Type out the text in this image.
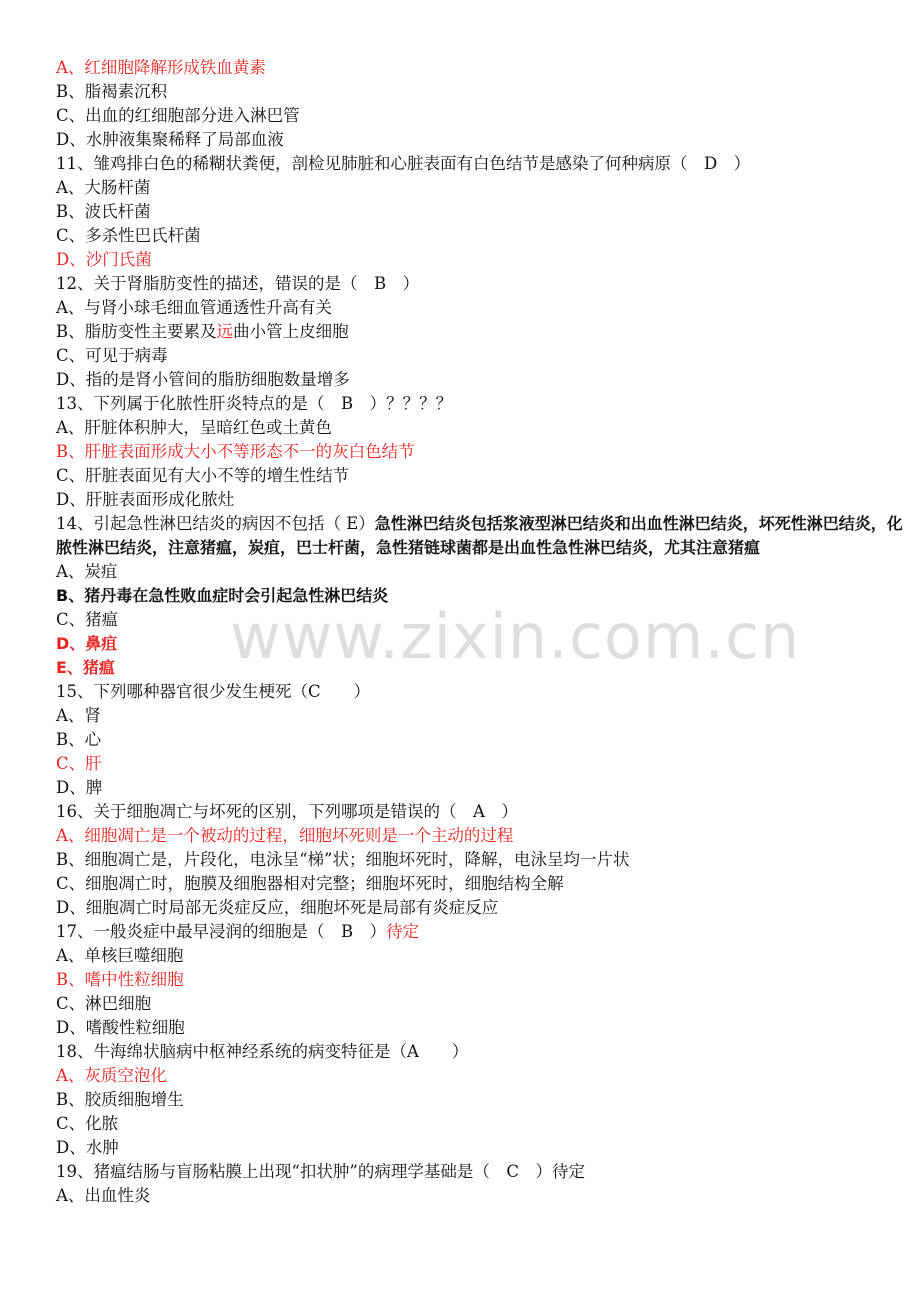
A、红细胞降解形成铁血黄素
B、脂褐素沉积
C、出血的红细胞部分进入淋巴管
D、水肿液集聚稀释了局部血液
11、雏鸡排白色的稀糊状粪便，剖检见肺脏和心脏表面有白色结节是感染了何种病原（　D　）
A、大肠杆菌
B、波氏杆菌
C、多杀性巴氏杆菌
D、沙门氏菌
12、关于肾脂肪变性的描述，错误的是（　B　）
A、与肾小球毛细血管通透性升高有关
B、脂肪变性主要累及远曲小管上皮细胞
C、可见于病毒
D、指的是肾小管间的脂肪细胞数量增多
13、下列属于化脓性肝炎特点的是（　B　）？？？？
A、肝脏体积肿大，呈暗红色或土黄色
B、肝脏表面形成大小不等形态不一的灰白色结节
C、肝脏表面见有大小不等的增生性结节
D、肝脏表面形成化脓灶
14、引起急性淋巴结炎的病因不包括（ E）急性淋巴结炎包括浆液型淋巴结炎和出血性淋巴结炎，坏死性淋巴结炎，化脓性淋巴结炎，注意猪瘟，炭疽，巴士杆菌，急性猪链球菌都是出血性急性淋巴结炎，尤其注意猪瘟
A、炭疽
B、猪丹毒在急性败血症时会引起急性淋巴结炎
C、猪瘟
D、鼻疽
E、猪瘟
15、下列哪种器官很少发生梗死（C　　）
A、肾
B、心
C、肝
D、脾
16、关于细胞凋亡与坏死的区别，下列哪项是错误的（　A　）
A、细胞凋亡是一个被动的过程，细胞坏死则是一个主动的过程
B、细胞凋亡是，片段化，电泳呈“梯”状；细胞坏死时，降解，电泳呈均一片状
C、细胞凋亡时，胞膜及细胞器相对完整；细胞坏死时，细胞结构全解
D、细胞凋亡时局部无炎症反应，细胞坏死是局部有炎症反应
17、一般炎症中最早浸润的细胞是（　B　）待定
A、单核巨噬细胞
B、嗜中性粒细胞
C、淋巴细胞
D、嗜酸性粒细胞
18、牛海绵状脑病中枢神经系统的病变特征是（A　　）
A、灰质空泡化
B、胶质细胞增生
C、化脓
D、水肿
19、猪瘟结肠与盲肠粘膜上出现“扣状肿”的病理学基础是（　C　）待定
A、出血性炎
www.zixin.com.cn
